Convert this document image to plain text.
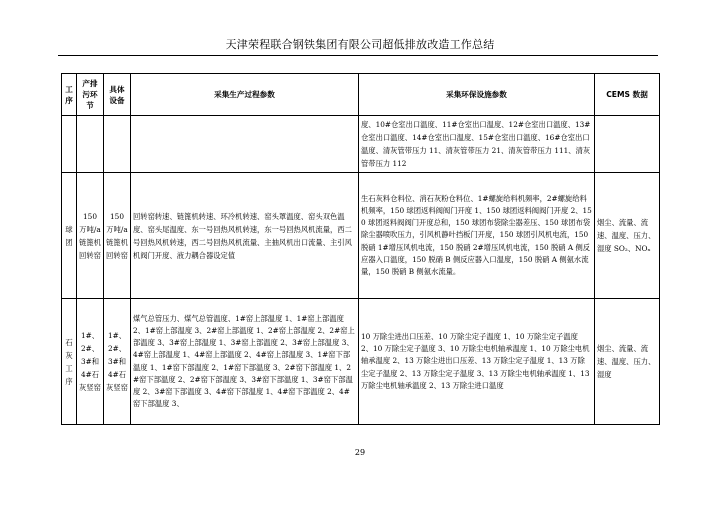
天津荣程联合钢铁集团有限公司超低排放改造工作总结
工序	产排污环节	具体设备	采集生产过程参数	采集环保设施参数	CEMS 数据
				度、10#仓室出口温度、11#仓室出口温度、12#仓室出口温度、13#仓室出口温度、14#仓室出口温度、15#仓室出口温度、16#仓室出口温度、清灰管带压力 11、清灰管带压力 21、清灰管带压力 111、清灰管带压力 112	
球团	150 万吨/a 链篦机回转窑	150 万吨/a 链篦机回转窑	回转窑转速、链篦机转速、环冷机转速、窑头罩温度、窑头双色温度、窑头尾温度、东一号回热风机转速，东一号回热风机流量，西二号回热风机转速，西二号回热风机流量、主抽风机出口流量、主引风机阀门开度、液力耦合器设定值	生石灰料仓料位、消石灰粉仓料位、1#螺旋给料机频率，2#螺旋给料机频率，150 球团返料阀阀门开度 1、150 球团返料阀阀门开度 2、150 球团返料阀阀门开度总和，150 球团布袋除尘器差压、150 球团布袋除尘器喷吹压力，引风机静叶挡板门开度，150 球团引风机电流，150 脱硝 1#增压风机电流，150 脱硝 2#增压风机电流，150 脱硝 A 侧反应器入口温度，150 脱硝 B 侧反应器入口温度，150 脱硝 A 侧氨水流量，150 脱硝 B 侧氨水流量。	烟尘、流量、流速、温度、压力、湿度 SO₂、NOₓ
石灰工序	1#、2#、3#和 4#石灰竖窑	1#、2#、3#和 4#石灰竖窑	煤气总管压力、煤气总管温度、1#窑上部温度 1、1#窑上部温度 2、1#窑上部温度 3、2#窑上部温度 1、2#窑上部温度 2、2#窑上部温度 3、3#窑上部温度 1、3#窑上部温度 2、3#窑上部温度 3、4#窑上部温度 1、4#窑上部温度 2、4#窑上部温度 3、1#窑下部温度 1、1#窑下部温度 2、1#窑下部温度 3、2#窑下部温度 1、2#窑下部温度 2、2#窑下部温度 3、3#窑下部温度 1、3#窑下部温度 2、3#窑下部温度 3、4#窑下部温度 1、4#窑下部温度 2、4#窑下部温度 3、	10 万除尘进出口压差、10 万除尘定子温度 1、10 万除尘定子温度 2、10 万除尘定子温度 3、10 万除尘电机轴承温度 1、10 万除尘电机轴承温度 2、13 万除尘进出口压差、13 万除尘定子温度 1、13 万除尘定子温度 2、13 万除尘定子温度 3、13 万除尘电机轴承温度 1、13 万除尘电机轴承温度 2、13 万除尘进口温度	烟尘、流量、流速、温度、压力、湿度
29
